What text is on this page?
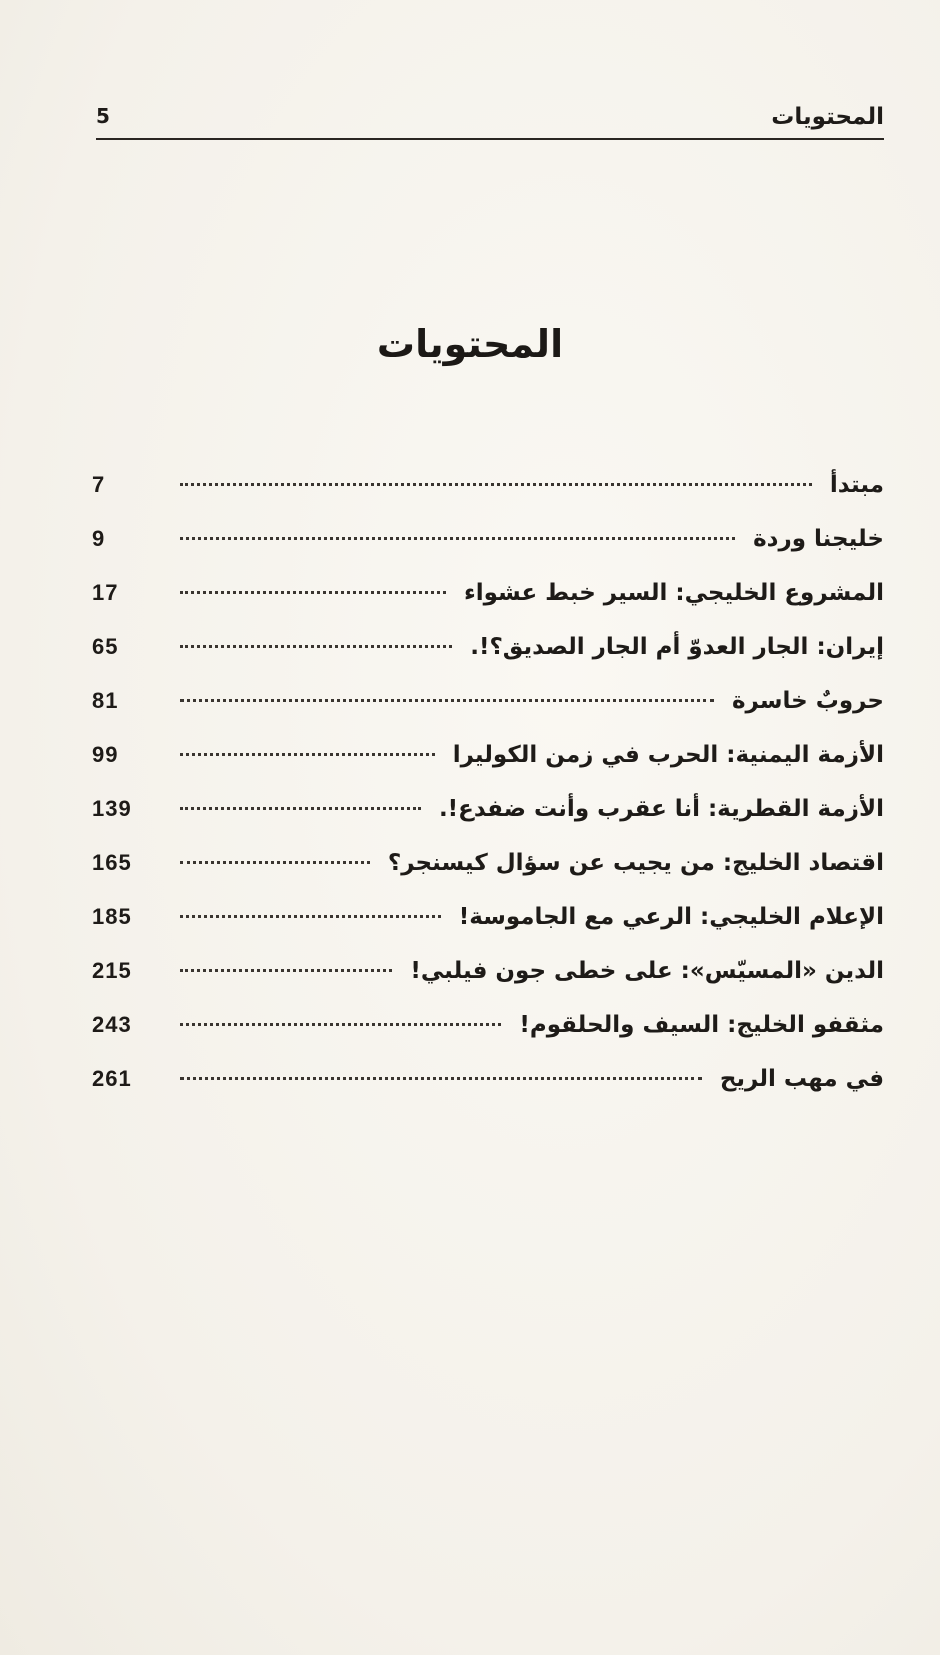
المحتويات
5
المحتويات
مبتدأ
7
خليجنا وردة
9
المشروع الخليجي: السير خبط عشواء
17
إيران: الجار العدوّ أم الجار الصديق؟!.
65
حروبٌ خاسرة
81
الأزمة اليمنية: الحرب في زمن الكوليرا
99
الأزمة القطرية: أنا عقرب وأنت ضفدع!.
139
اقتصاد الخليج: من يجيب عن سؤال كيسنجر؟
165
الإعلام الخليجي: الرعي مع الجاموسة!
185
الدين «المسيّس»: على خطى جون فيلبي!
215
مثقفو الخليج: السيف والحلقوم!
243
في مهب الريح
261
